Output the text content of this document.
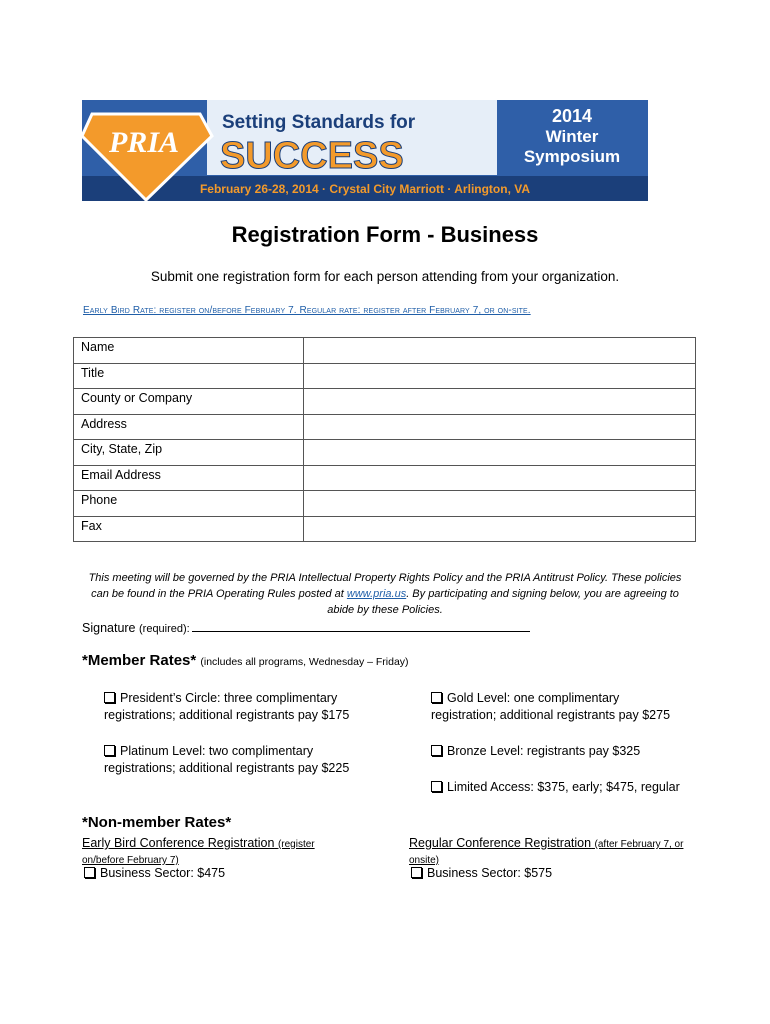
PRIA
Setting Standards for
SUCCESS
2014
Winter
Symposium
February 26-28, 2014 · Crystal City Marriott · Arlington, VA
Registration Form - Business
Submit one registration form for each person attending from your organization.
Early Bird Rate: register on/before February 7. Regular rate: register after February 7, or on-site.
Name	
Title	
County or Company	
Address	
City, State, Zip	
Email Address	
Phone	
Fax	
This meeting will be governed by the PRIA Intellectual Property Rights Policy and the PRIA Antitrust Policy. These policies can be found in the PRIA Operating Rules posted at www.pria.us. By participating and signing below, you are agreeing to abide by these Policies.
Signature (required):
*Member Rates* (includes all programs, Wednesday – Friday)
President’s Circle: three complimentary
registrations; additional registrants pay $175
Gold Level: one complimentary
registration; additional registrants pay $275
Platinum Level: two complimentary
registrations; additional registrants pay $225
Bronze Level: registrants pay $325
Limited Access: $375, early; $475, regular
*Non-member Rates*
Early Bird Conference Registration (register
on/before February 7)
Regular Conference Registration (after February 7, or
onsite)
Business Sector: $475	Business Sector: $575
